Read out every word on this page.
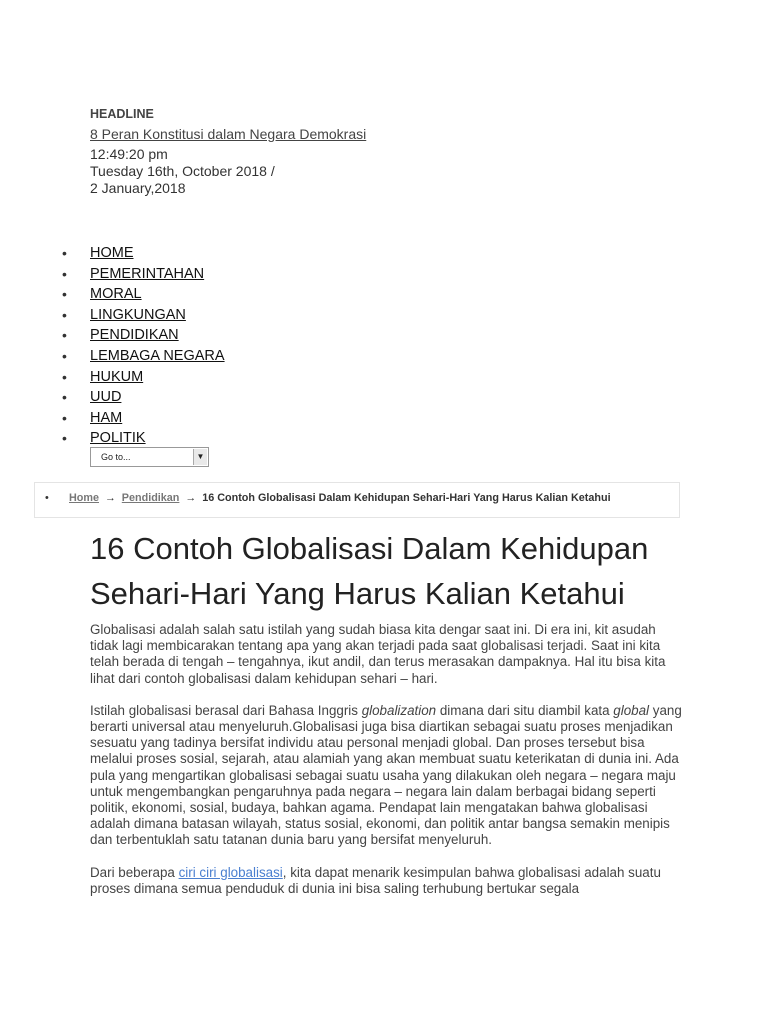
HEADLINE
8 Peran Konstitusi dalam Negara Demokrasi
12:49:20 pm
Tuesday 16th, October 2018 /
2 January,2018
• HOME
• PEMERINTAHAN
• MORAL
• LINGKUNGAN
• PENDIDIKAN
• LEMBAGA NEGARA
• HUKUM
• UUD
• HAM
• POLITIK
Go to...	▼
• Home → Pendidikan → 16 Contoh Globalisasi Dalam Kehidupan Sehari-Hari Yang Harus Kalian Ketahui
16 Contoh Globalisasi Dalam Kehidupan Sehari-Hari Yang Harus Kalian Ketahui

Globalisasi adalah salah satu istilah yang sudah biasa kita dengar saat ini. Di era ini, kit asudah tidak lagi membicarakan tentang apa yang akan terjadi pada saat globalisasi terjadi. Saat ini kita telah berada di tengah – tengahnya, ikut andil, dan terus merasakan dampaknya. Hal itu bisa kita lihat dari contoh globalisasi dalam kehidupan sehari – hari.

Istilah globalisasi berasal dari Bahasa Inggris globalization dimana dari situ diambil kata global yang berarti universal atau menyeluruh.Globalisasi juga bisa diartikan sebagai suatu proses menjadikan sesuatu yang tadinya bersifat individu atau personal menjadi global. Dan proses tersebut bisa melalui proses sosial, sejarah, atau alamiah yang akan membuat suatu keterikatan di dunia ini. Ada pula yang mengartikan globalisasi sebagai suatu usaha yang dilakukan oleh negara – negara maju untuk mengembangkan pengaruhnya pada negara – negara lain dalam berbagai bidang seperti politik, ekonomi, sosial, budaya, bahkan agama. Pendapat lain mengatakan bahwa globalisasi adalah dimana batasan wilayah, status sosial, ekonomi, dan politik antar bangsa semakin menipis dan terbentuklah satu tatanan dunia baru yang bersifat menyeluruh.

Dari beberapa ciri ciri globalisasi, kita dapat menarik kesimpulan bahwa globalisasi adalah suatu proses dimana semua penduduk di dunia ini bisa saling terhubung bertukar segala
